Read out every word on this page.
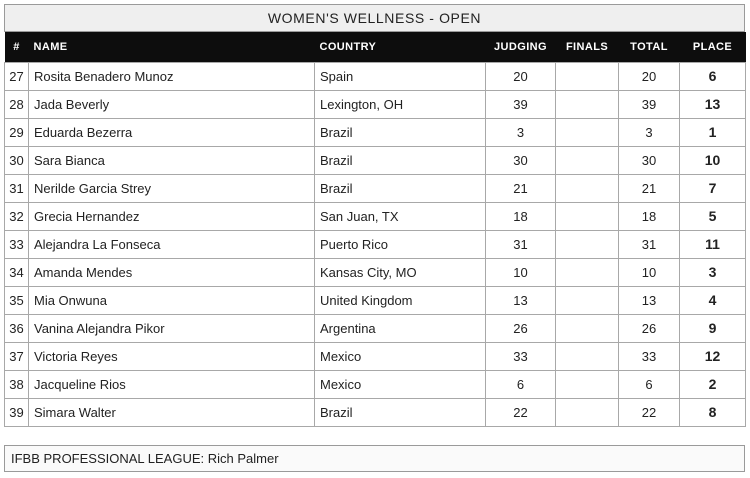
WOMEN'S WELLNESS - OPEN
#	NAME	COUNTRY	JUDGING	FINALS	TOTAL	PLACE
27	Rosita Benadero Munoz	Spain	20		20	6
28	Jada Beverly	Lexington, OH	39		39	13
29	Eduarda Bezerra	Brazil	3		3	1
30	Sara Bianca	Brazil	30		30	10
31	Nerilde Garcia Strey	Brazil	21		21	7
32	Grecia Hernandez	San Juan, TX	18		18	5
33	Alejandra La Fonseca	Puerto Rico	31		31	11
34	Amanda Mendes	Kansas City, MO	10		10	3
35	Mia Onwuna	United Kingdom	13		13	4
36	Vanina Alejandra Pikor	Argentina	26		26	9
37	Victoria Reyes	Mexico	33		33	12
38	Jacqueline Rios	Mexico	6		6	2
39	Simara Walter	Brazil	22		22	8
IFBB PROFESSIONAL LEAGUE: Rich Palmer
